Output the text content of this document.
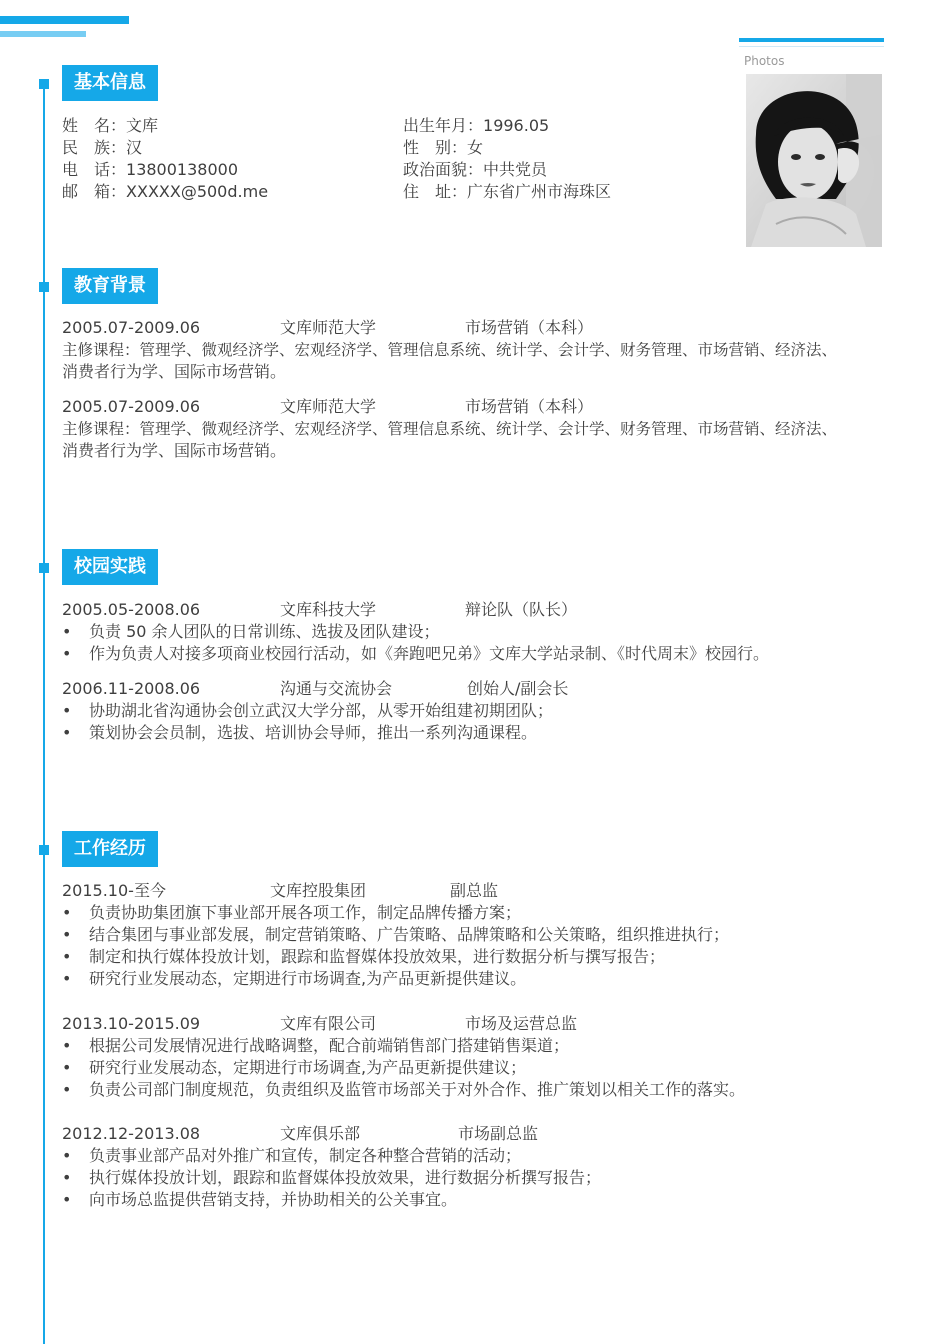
Photos
基本信息
姓　名：文库
民　族：汉
电　话：13800138000
邮　箱：XXXXX@500d.me
出生年月：1996.05
性　别：女
政治面貌：中共党员
住　址：广东省广州市海珠区
教育背景
2005.07-2009.06	文库师范大学	市场营销（本科）
主修课程：管理学、微观经济学、宏观经济学、管理信息系统、统计学、会计学、财务管理、市场营销、经济法、
消费者行为学、国际市场营销。
2005.07-2009.06	文库师范大学	市场营销（本科）
主修课程：管理学、微观经济学、宏观经济学、管理信息系统、统计学、会计学、财务管理、市场营销、经济法、
消费者行为学、国际市场营销。
校园实践
2005.05-2008.06	文库科技大学	辩论队（队长）
• 负责 50 余人团队的日常训练、选拔及团队建设；
• 作为负责人对接多项商业校园行活动，如《奔跑吧兄弟》文库大学站录制、《时代周末》校园行。
2006.11-2008.06	沟通与交流协会	创始人/副会长
• 协助湖北省沟通协会创立武汉大学分部，从零开始组建初期团队；
• 策划协会会员制，选拔、培训协会导师，推出一系列沟通课程。
工作经历
2015.10-至今	文库控股集团	副总监
• 负责协助集团旗下事业部开展各项工作，制定品牌传播方案；
• 结合集团与事业部发展，制定营销策略、广告策略、品牌策略和公关策略，组织推进执行；
• 制定和执行媒体投放计划，跟踪和监督媒体投放效果，进行数据分析与撰写报告；
• 研究行业发展动态，定期进行市场调查,为产品更新提供建议。
2013.10-2015.09	文库有限公司	市场及运营总监
• 根据公司发展情况进行战略调整，配合前端销售部门搭建销售渠道；
• 研究行业发展动态，定期进行市场调查,为产品更新提供建议；
• 负责公司部门制度规范，负责组织及监管市场部关于对外合作、推广策划以相关工作的落实。
2012.12-2013.08	文库俱乐部	市场副总监
• 负责事业部产品对外推广和宣传，制定各种整合营销的活动；
• 执行媒体投放计划，跟踪和监督媒体投放效果，进行数据分析撰写报告；
• 向市场总监提供营销支持，并协助相关的公关事宜。
